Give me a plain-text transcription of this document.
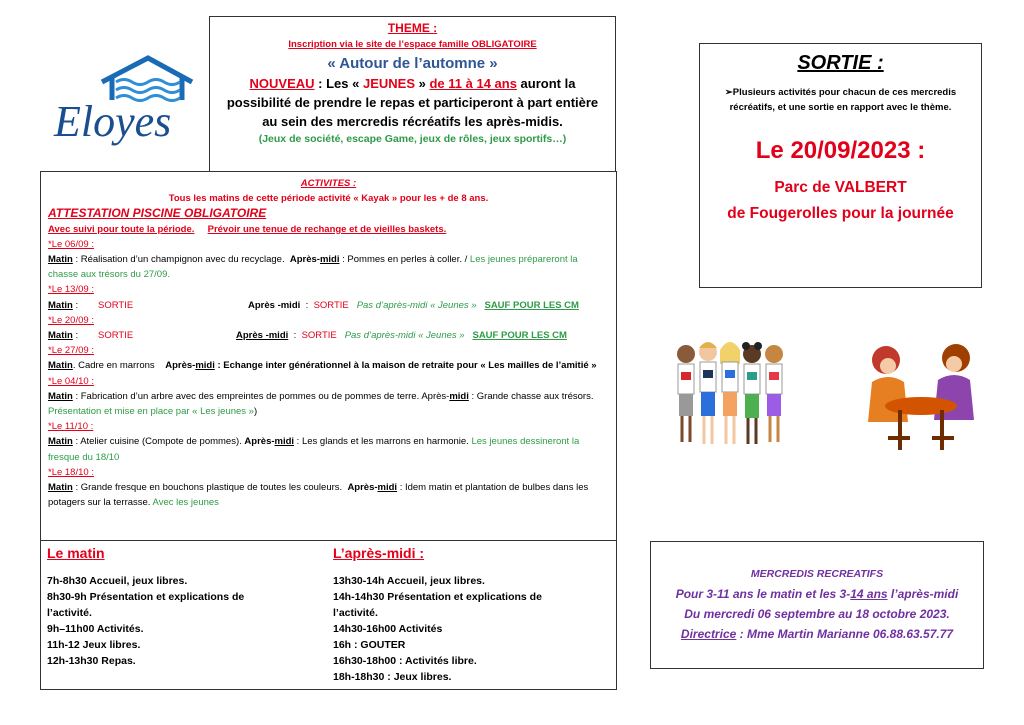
Eloyes
THEME :
Inscription via le site de l’espace famille OBLIGATOIRE
« Autour de l’automne »
NOUVEAU : Les « JEUNES » de 11 à 14 ans auront la possibilité de prendre le repas et participeront à part entière au sein des mercredis récréatifs les après-midis.
(Jeux de société, escape Game, jeux de rôles, jeux sportifs…)
ACTIVITES :
Tous les matins de cette période activité « Kayak » pour les + de 8 ans.
ATTESTATION PISCINE OBLIGATOIRE
Avec suivi pour toute la période. Prévoir une tenue de rechange et de vieilles baskets.
*Le 06/09 :
Matin : Réalisation d’un champignon avec du recyclage. Après-midi : Pommes en perles à coller. / Les jeunes prépareront la chasse aux trésors du 27/09.
*Le 13/09 :
Matin : SORTIE	Après -midi :  SORTIE Pas d’après-midi « Jeunes » SAUF POUR LES CM
*Le 20/09 :
Matin : SORTIE	Après -midi :  SORTIE Pas d’après-midi « Jeunes » SAUF POUR LES CM
*Le 27/09 :
Matin. Cadre en marrons Après-midi : Echange inter générationnel à la maison de retraite pour « Les mailles de l’amitié »
*Le 04/10 :
Matin : Fabrication d’un arbre avec des empreintes de pommes ou de pommes de terre. Après-midi : Grande chasse aux trésors. Présentation et mise en place par « Les jeunes »)
*Le 11/10 :
Matin : Atelier cuisine (Compote de pommes). Après-midi : Les glands et les marrons en harmonie. Les jeunes dessineront la fresque du 18/10
*Le 18/10 :
Matin : Grande fresque en bouchons plastique de toutes les couleurs. Après-midi : Idem matin et plantation de bulbes dans les potagers sur la terrasse. Avec les jeunes
Le matin
7h-8h30 Accueil, jeux libres.
8h30-9h Présentation et explications de
l’activité.
9h–11h00 Activités.
11h-12 Jeux libres.
12h-13h30 Repas.
L’après-midi :
13h30-14h Accueil, jeux libres.
14h-14h30 Présentation et explications de
l’activité.
14h30-16h00 Activités
16h : GOUTER
16h30-18h00 : Activités libre.
18h-18h30 : Jeux libres.
SORTIE :
➢Plusieurs activités pour chacun de ces mercredis récréatifs, et une sortie en rapport avec le thème.
Le 20/09/2023 :
Parc de VALBERT
de Fougerolles pour la journée
MERCREDIS RECREATIFS
Pour 3-11 ans le matin et les 3-14 ans l’après-midi
Du mercredi 06 septembre au 18 octobre 2023.
Directrice : Mme Martin Marianne 06.88.63.57.77
